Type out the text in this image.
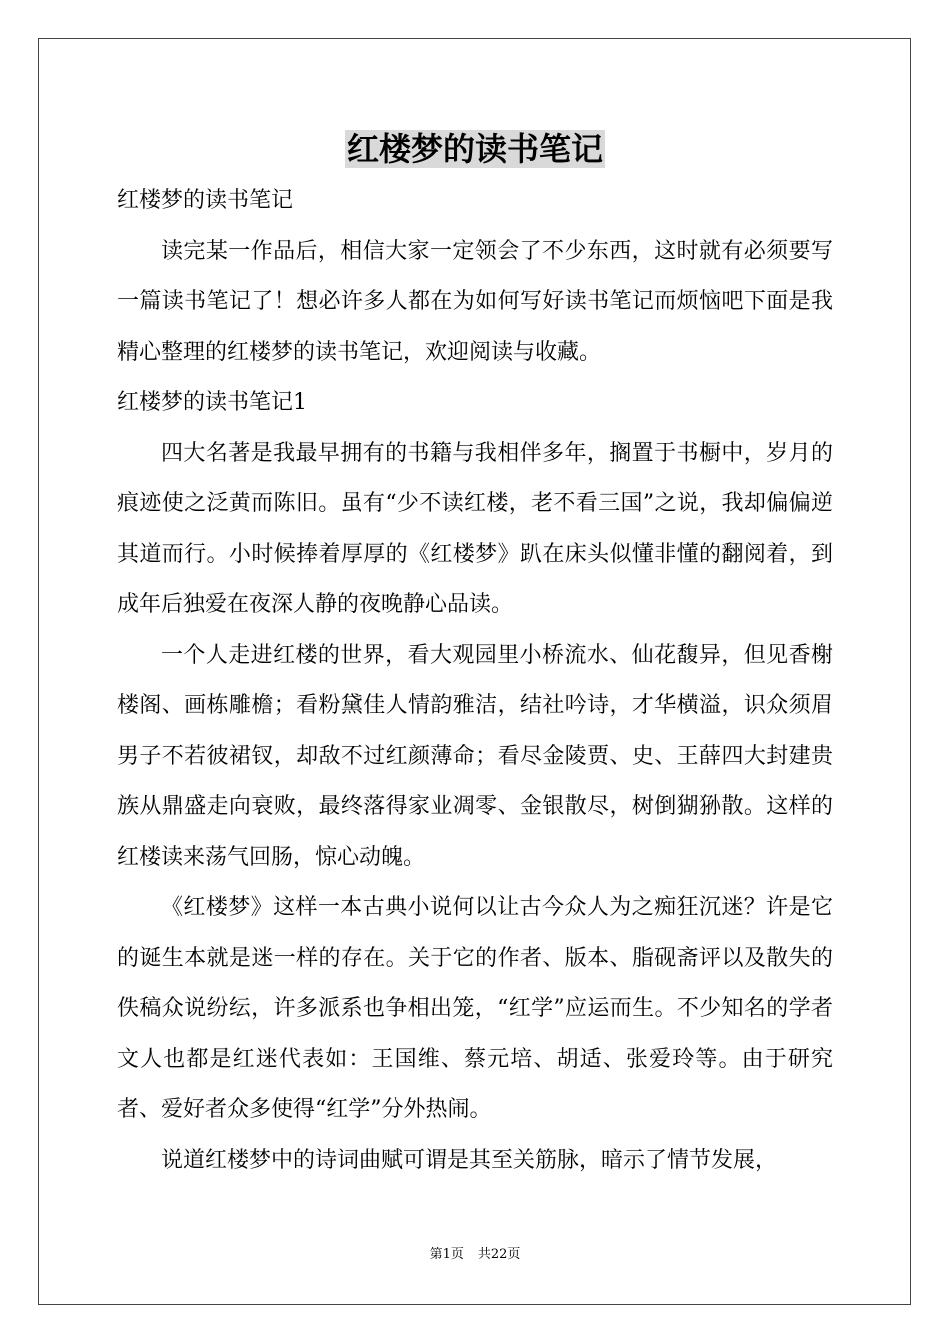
红楼梦的读书笔记

红楼梦的读书笔记

读完某一作品后，相信大家一定领会了不少东西，这时就有必须要写一篇读书笔记了！想必许多人都在为如何写好读书笔记而烦恼吧下面是我精心整理的红楼梦的读书笔记，欢迎阅读与收藏。

红楼梦的读书笔记1

四大名著是我最早拥有的书籍与我相伴多年，搁置于书橱中，岁月的痕迹使之泛黄而陈旧。虽有“少不读红楼，老不看三国”之说，我却偏偏逆其道而行。小时候捧着厚厚的《红楼梦》趴在床头似懂非懂的翻阅着，到成年后独爱在夜深人静的夜晚静心品读。

一个人走进红楼的世界，看大观园里小桥流水、仙花馥异，但见香榭楼阁、画栋雕檐；看粉黛佳人情韵雅洁，结社吟诗，才华横溢，识众须眉男子不若彼裙钗，却敌不过红颜薄命；看尽金陵贾、史、王薛四大封建贵族从鼎盛走向衰败，最终落得家业凋零、金银散尽，树倒猢狲散。这样的红楼读来荡气回肠，惊心动魄。

《红楼梦》这样一本古典小说何以让古今众人为之痴狂沉迷？许是它的诞生本就是迷一样的存在。关于它的作者、版本、脂砚斋评以及散失的佚稿众说纷纭，许多派系也争相出笼，“红学”应运而生。不少知名的学者文人也都是红迷代表如：王国维、蔡元培、胡适、张爱玲等。由于研究者、爱好者众多使得“红学”分外热闹。

说道红楼梦中的诗词曲赋可谓是其至关筋脉，暗示了情节发展，

第1页 共22页
